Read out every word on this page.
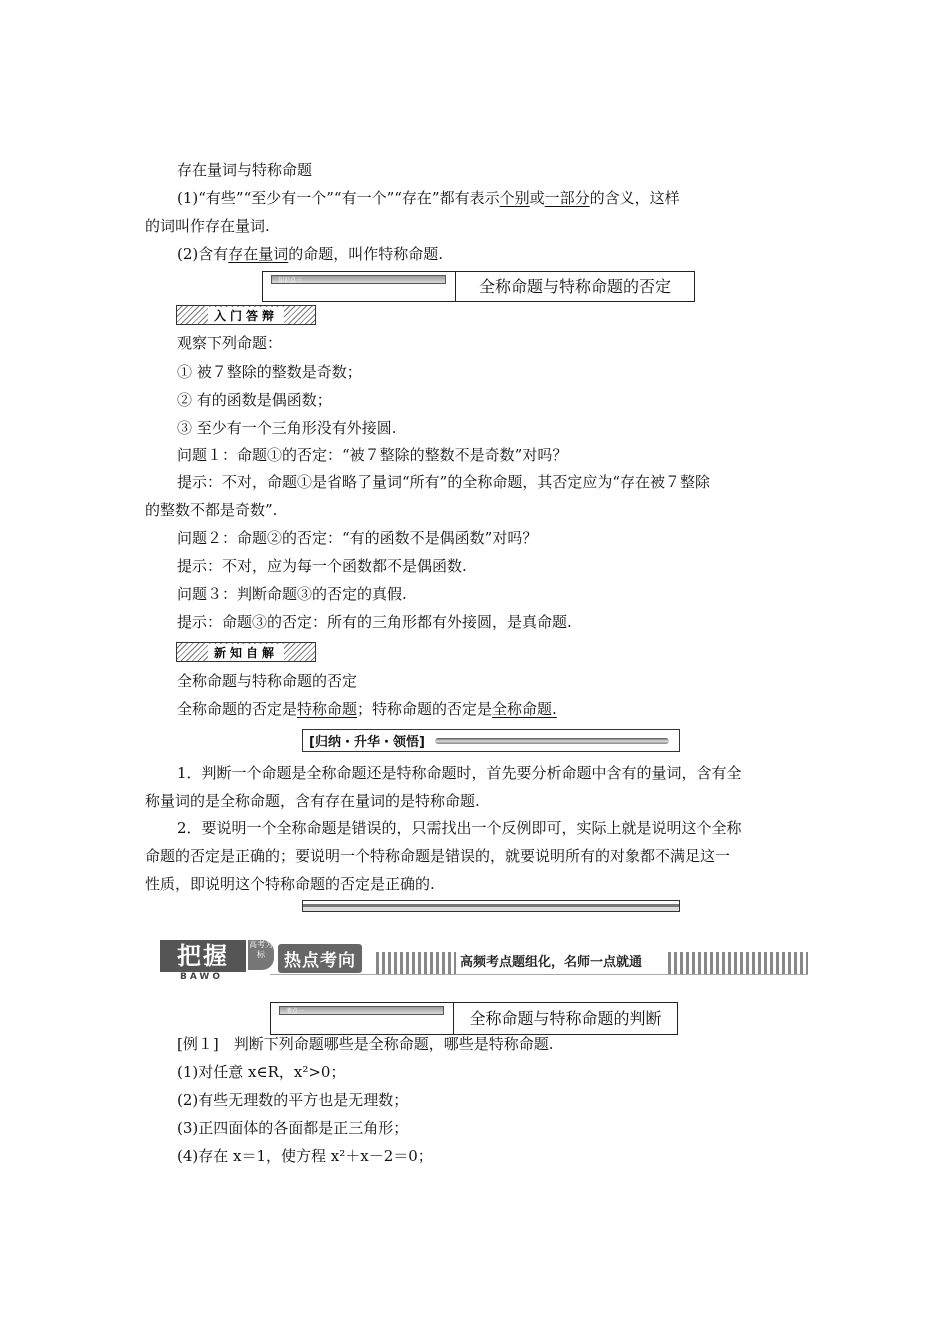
存在量词与特称命题
(1)“有些”“至少有一个”“有一个”“存在”都有表示个别或一部分的含义，这样
的词叫作存在量词.
(2)含有存在量词的命题，叫作特称命题.
知识点三	全称命题与特称命题的否定
入门答辩
观察下列命题：
① 被７整除的整数是奇数；
② 有的函数是偶函数；
③ 至少有一个三角形没有外接圆.
问题１：命题①的否定：“被７整除的整数不是奇数”对吗？
提示：不对，命题①是省略了量词“所有”的全称命题，其否定应为“存在被７整除
的整数不都是奇数”.
问题２：命题②的否定：“有的函数不是偶函数”对吗？
提示：不对，应为每一个函数都不是偶函数.
问题３：判断命题③的否定的真假.
提示：命题③的否定：所有的三角形都有外接圆，是真命题.
新知自解
全称命题与特称命题的否定
全称命题的否定是特称命题；特称命题的否定是全称命题.
[归纳・升华・领悟]
1．判断一个命题是全称命题还是特称命题时，首先要分析命题中含有的量词，含有全
称量词的是全称命题，含有存在量词的是特称命题.
2．要说明一个全称命题是错误的，只需找出一个反例即可，实际上就是说明这个全称
命题的否定是正确的；要说明一个特称命题是错误的，就要说明所有的对象都不满足这一
性质，即说明这个特称命题的否定是正确的.
把握
BAWO
高考为标	热点考向	高频考点题组化，名师一点就通
考点一	全称命题与特称命题的判断
[例１]　判断下列命题哪些是全称命题，哪些是特称命题.
(1)对任意 x∈R，x²>0；
(2)有些无理数的平方也是无理数；
(3)正四面体的各面都是正三角形；
(4)存在 x＝1，使方程 x²＋x－2＝0；
